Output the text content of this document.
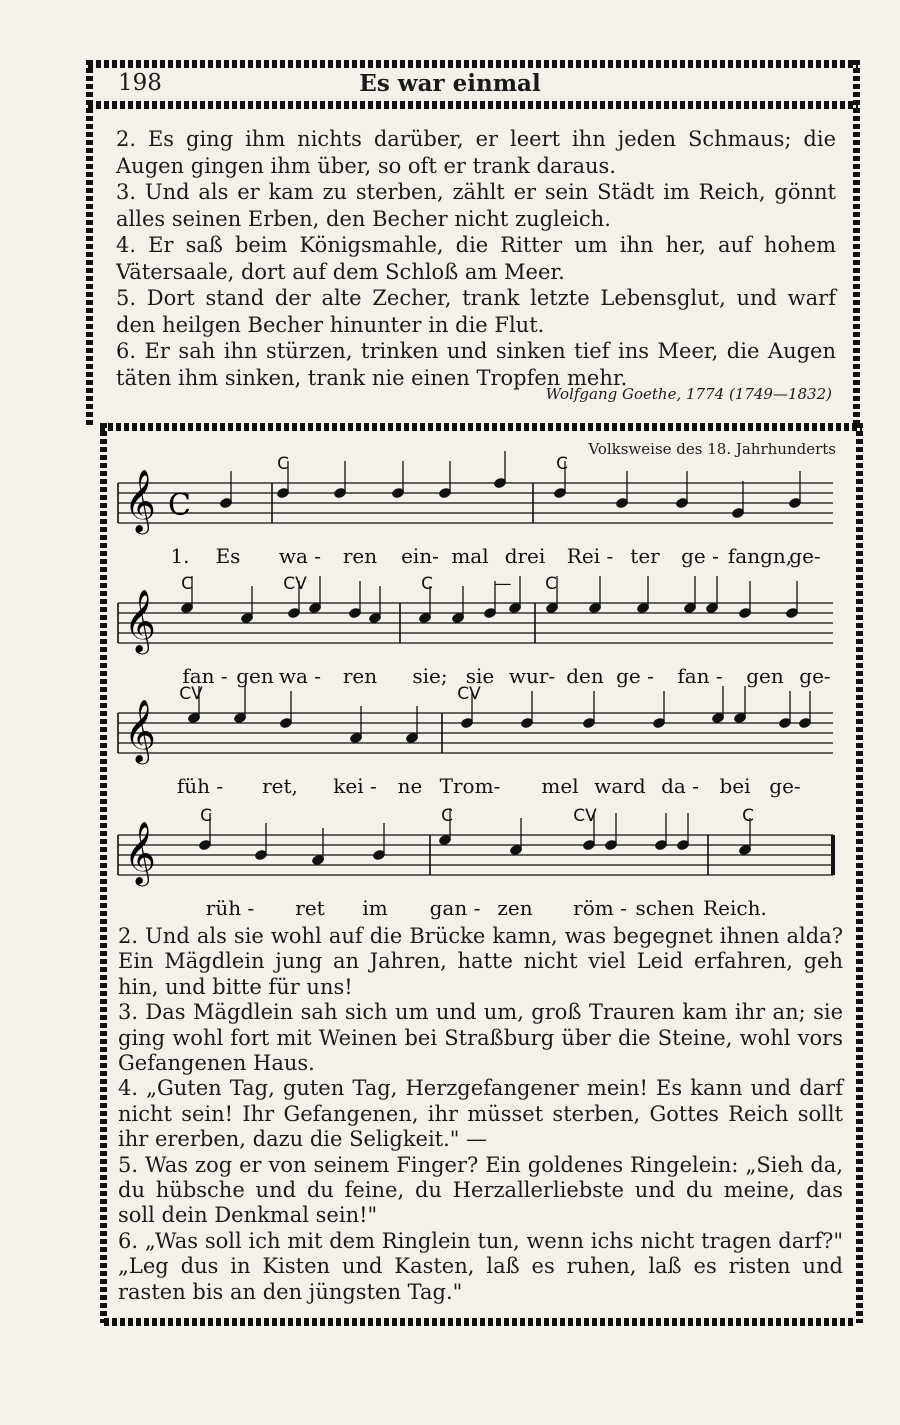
198	Es war einmal

2. Es ging ihm nichts darüber, er leert ihn jeden Schmaus; die Augen gingen ihm über, so oft er trank daraus.

3. Und als er kam zu sterben, zählt er sein Städt im Reich, gönnt alles seinen Erben, den Becher nicht zugleich.

4. Er saß beim Königsmahle, die Ritter um ihn her, auf hohem Vätersaale, dort auf dem Schloß am Meer.

5. Dort stand der alte Zecher, trank letzte Lebensglut, und warf den heilgen Becher hinunter in die Flut.

6. Er sah ihn stürzen, trinken und sinken tief ins Meer, die Augen täten ihm sinken, trank nie einen Tropfen mehr.

Wolfgang Goethe, 1774 (1749—1832)
Volksweise des 18. Jahrhunderts
𝄞 C
C	C
1. Es wa - ren ein- mal drei Rei - ter ge - fangn,
ge-
𝄞
C	CV	C	— C
fan - gen wa - ren sie; sie wur- den ge - fan - gen ge-
𝄞
CV	CV
füh - ret, kei - ne Trom- mel ward da - bei ge-
𝄞
C	C	CV	C
rüh - ret im gan - zen röm - schen Reich.

2. Und als sie wohl auf die Brücke kamn, was begegnet ihnen alda? Ein Mägdlein jung an Jahren, hatte nicht viel Leid erfahren, geh hin, und bitte für uns!

3. Das Mägdlein sah sich um und um, groß Trauren kam ihr an; sie ging wohl fort mit Weinen bei Straßburg über die Steine, wohl vors Gefangenen Haus.

4. „Guten Tag, guten Tag, Herzgefangener mein! Es kann und darf nicht sein! Ihr Gefangenen, ihr müsset sterben, Gottes Reich sollt ihr ererben, dazu die Seligkeit." —

5. Was zog er von seinem Finger? Ein goldenes Ringelein: „Sieh da, du hübsche und du feine, du Herzallerliebste und du meine, das soll dein Denkmal sein!"

6. „Was soll ich mit dem Ringlein tun, wenn ichs nicht tragen darf?" „Leg dus in Kisten und Kasten, laß es ruhen, laß es risten und rasten bis an den jüngsten Tag."
